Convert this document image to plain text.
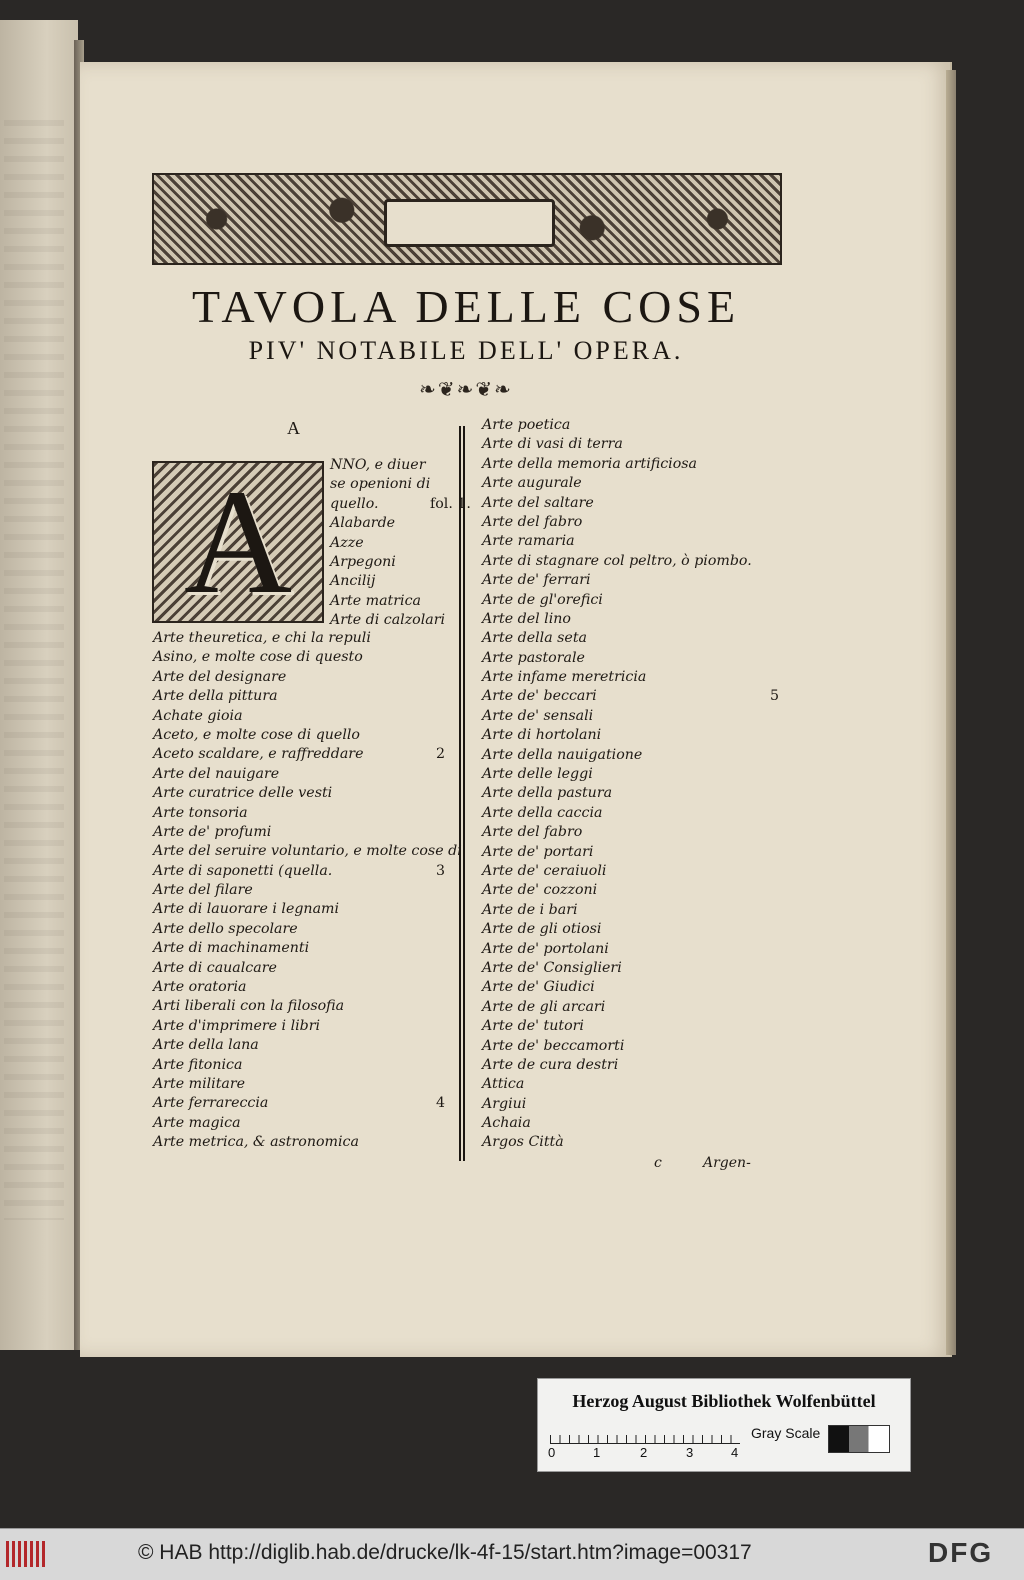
TAVOLA DELLE COSE
PIV' NOTABILE DELL' OPERA.
❧❦❧❦❧
A
A	NNO, e diuer
se openioni di
quello.	fol. 1.
Alabarde
Azze
Arpegoni
Ancilij
Arte matrica
Arte di calzolari
Arte theuretica, e chi la repuli
Asino, e molte cose di questo
Arte del designare
Arte della pittura
Achate gioia
Aceto, e molte cose di quello
Aceto scaldare, e raffreddare	2
Arte del nauigare
Arte curatrice delle vesti
Arte tonsoria
Arte de' profumi
Arte del seruire voluntario, e molte cose di
Arte di saponetti (quella.	3
Arte del filare
Arte di lauorare i legnami
Arte dello specolare
Arte di machinamenti
Arte di caualcare
Arte oratoria
Arti liberali con la filosofia
Arte d'imprimere i libri
Arte della lana
Arte fitonica
Arte militare
Arte ferrareccia	4
Arte magica
Arte metrica, & astronomica
Arte poetica
Arte di vasi di terra
Arte della memoria artificiosa
Arte augurale
Arte del saltare
Arte del fabro
Arte ramaria
Arte di stagnare col peltro, ò piombo.
Arte de' ferrari
Arte de gl'orefici
Arte del lino
Arte della seta
Arte pastorale
Arte infame meretricia
Arte de' beccari	5
Arte de' sensali
Arte di hortolani
Arte della nauigatione
Arte delle leggi
Arte della pastura
Arte della caccia
Arte del fabro
Arte de' portari
Arte de' ceraiuoli
Arte de' cozzoni
Arte de i bari
Arte de gli otiosi
Arte de' portolani
Arte de' Consiglieri
Arte de' Giudici
Arte de gli arcari
Arte de' tutori
Arte de' beccamorti
Arte de cura destri
Attica
Argiui
Achaia
Argos Città
c	Argen-
Herzog August Bibliothek Wolfenbüttel
0	1	2	3	4
Gray Scale
© HAB http://diglib.hab.de/drucke/lk-4f-15/start.htm?image=00317	DFG
